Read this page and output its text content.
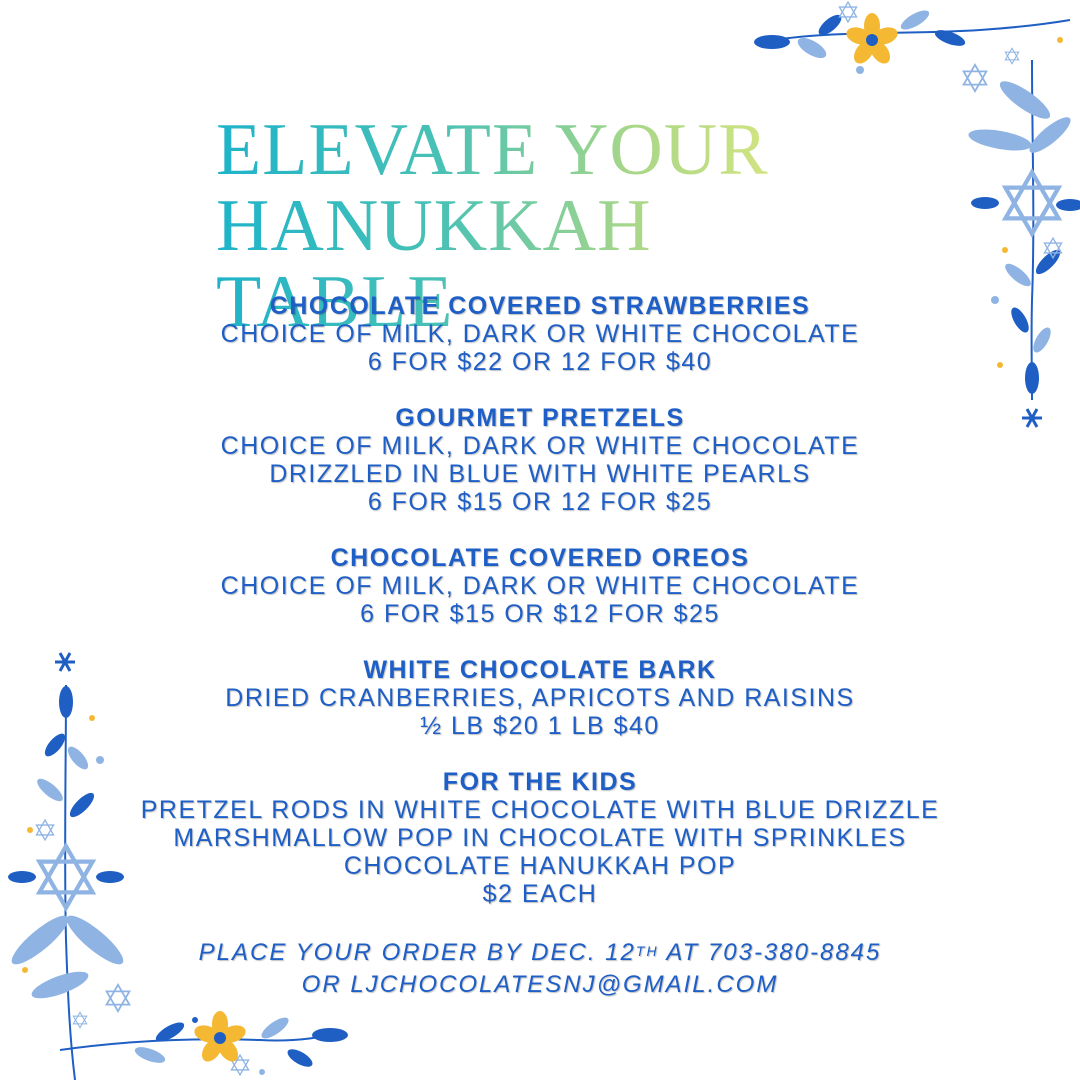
ELEVATE YOUR
HANUKKAH TABLE
CHOCOLATE COVERED STRAWBERRIES
CHOICE OF MILK, DARK OR WHITE CHOCOLATE
6 FOR $22 OR 12 FOR $40
GOURMET PRETZELS
CHOICE OF MILK, DARK OR WHITE CHOCOLATE
DRIZZLED IN BLUE WITH WHITE PEARLS
6 FOR $15 OR 12 FOR $25
CHOCOLATE COVERED OREOS
CHOICE OF MILK, DARK OR WHITE CHOCOLATE
6 FOR $15 OR $12 FOR $25
WHITE CHOCOLATE BARK
DRIED CRANBERRIES, APRICOTS AND RAISINS
½ LB $20 1 LB $40
FOR THE KIDS
PRETZEL RODS IN WHITE CHOCOLATE WITH BLUE DRIZZLE
MARSHMALLOW POP IN CHOCOLATE WITH SPRINKLES
CHOCOLATE HANUKKAH POP
$2 EACH
PLACE YOUR ORDER BY DEC. 12TH AT 703-380-8845
OR LJCHOCOLATESNJ@GMAIL.COM
